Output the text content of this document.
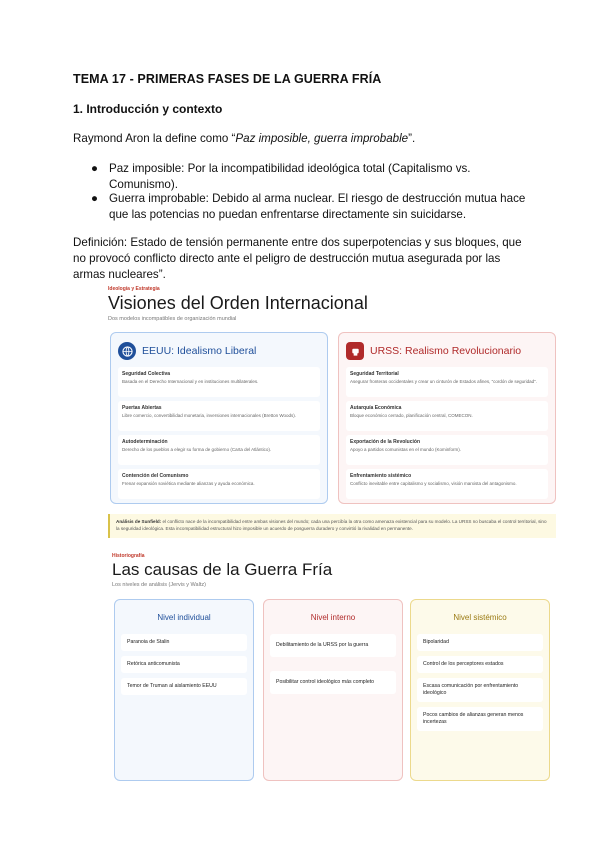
TEMA 17 - PRIMERAS FASES DE LA GUERRA FRÍA
1. Introducción y contexto
Raymond Aron la define como “Paz imposible, guerra improbable”.
● Paz imposible: Por la incompatibilidad ideológica total (Capitalismo vs. Comunismo).
● Guerra improbable: Debido al arma nuclear. El riesgo de destrucción mutua hace que las potencias no puedan enfrentarse directamente sin suicidarse.
Definición: Estado de tensión permanente entre dos superpotencias y sus bloques, que no provocó conflicto directo ante el peligro de destrucción mutua asegurada por las armas nucleares”.
Ideología y Estrategia
Visiones del Orden Internacional
Dos modelos incompatibles de organización mundial
EEUU: Idealismo Liberal
Seguridad Colectiva
Basada en el Derecho Internacional y en instituciones multilaterales.
Puertas Abiertas
Libre comercio, convertibilidad monetaria, inversiones internacionales (Bretton Woods).
Autodeterminación
Derecho de los pueblos a elegir su forma de gobierno (Carta del Atlántico).
Contención del Comunismo
Frenar expansión soviética mediante alianzas y ayuda económica.
URSS: Realismo Revolucionario
Seguridad Territorial
Asegurar fronteras occidentales y crear un cinturón de Estados afines, “cordón de seguridad”.
Autarquía Económica
Bloque económico cerrado, planificación central, COMECON.
Exportación de la Revolución
Apoyo a partidos comunistas en el mundo (Kominform).
Enfrentamiento sistémico
Conflicto inevitable entre capitalismo y socialismo, visión marxista del antagonismo.
Análisis de Sunfield: el conflicto nace de la incompatibilidad entre ambas visiones del mundo; cada una percibía la otra como amenaza existencial para su modelo. La URSS no buscaba el control territorial, sino la seguridad ideológica. Esta incompatibilidad estructural hizo imposible un acuerdo de posguerra duradero y convirtió la rivalidad en permanente.
Historiografía
Las causas de la Guerra Fría
Los niveles de análisis (Jervis y Waltz)
Nivel individual
Paranoia de Stalin
Retórica anticomunista
Temor de Truman al aislamiento EEUU
Nivel interno
Debilitamiento de la URSS por la guerra
Posibilitar control ideológico más completo
Nivel sistémico
Bipolaridad
Control de los perceptores estados
Escasa comunicación por enfrentamiento ideológico
Pocos cambios de alianzas generan menos incertezas
